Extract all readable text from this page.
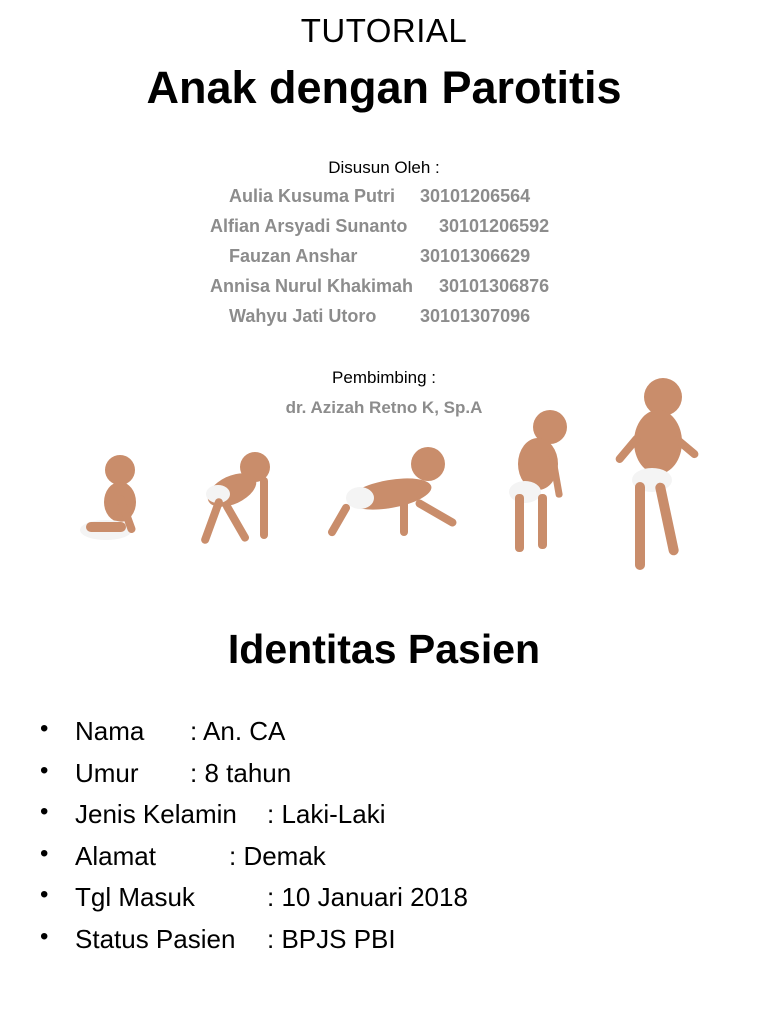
TUTORIAL
Anak dengan Parotitis
Disusun Oleh :
Aulia Kusuma Putri 30101206564
Alfian Arsyadi Sunanto 30101206592
Fauzan Anshar	30101306629
Annisa Nurul Khakimah 30101306876
Wahyu Jati Utoro 30101307096
Pembimbing :
dr. Azizah Retno K, Sp.A
Identitas Pasien
• Nama : An. CA
• Umur : 8 tahun
• Jenis Kelamin : Laki-Laki
• Alamat	: Demak
• Tgl Masuk	: 10 Januari 2018
• Status Pasien : BPJS PBI
